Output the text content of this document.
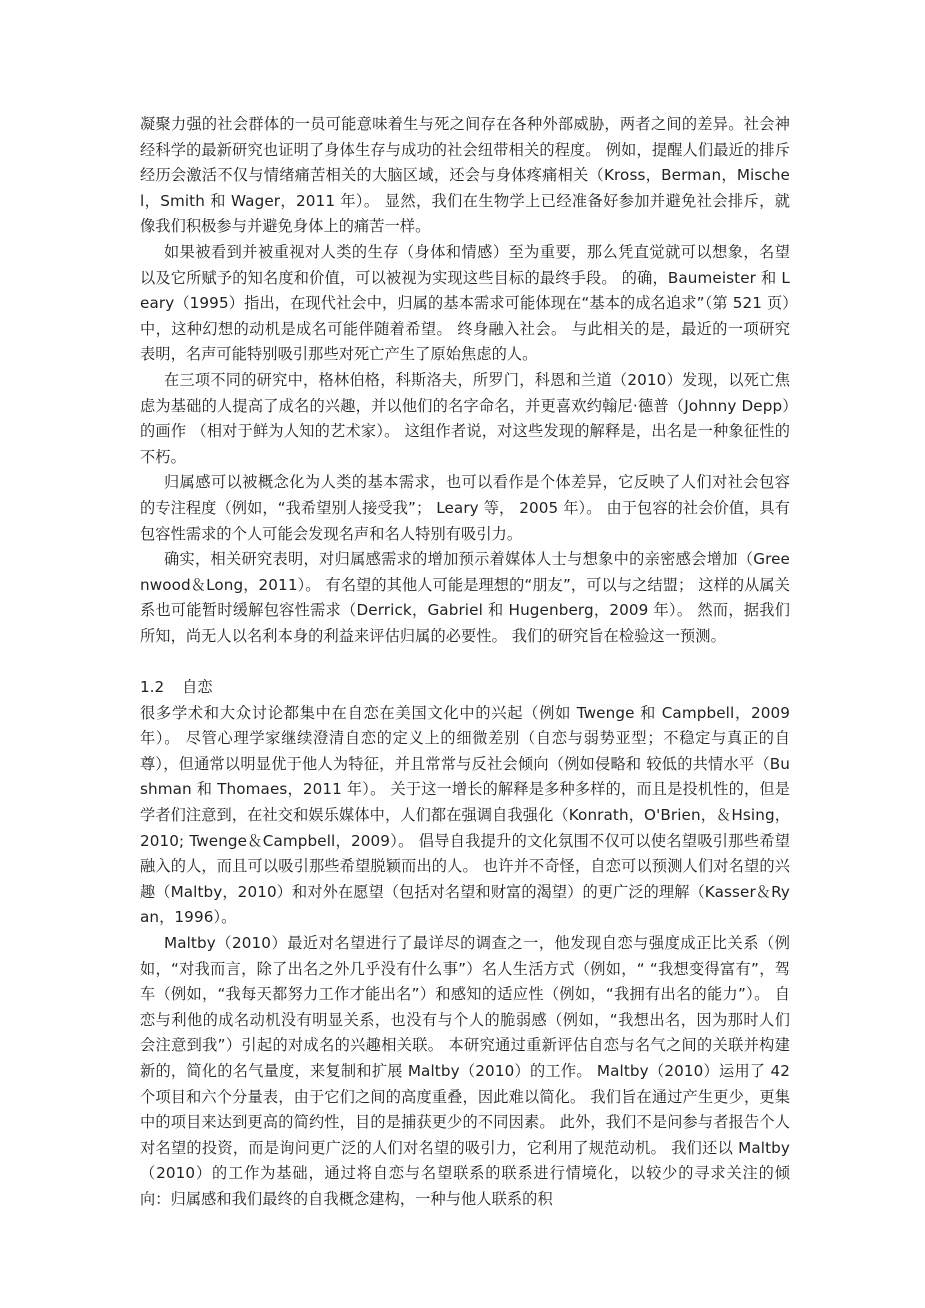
凝聚力强的社会群体的一员可能意味着生与死之间存在各种外部威胁，两者之间的差异。社会神经科学的最新研究也证明了身体生存与成功的社会纽带相关的程度。 例如，提醒人们最近的排斥经历会激活不仅与情绪痛苦相关的大脑区域，还会与身体疼痛相关（Kross，Berman，Mischel，Smith 和 Wager，2011 年）。 显然，我们在生物学上已经准备好参加并避免社会排斥，就像我们积极参与并避免身体上的痛苦一样。

如果被看到并被重视对人类的生存（身体和情感）至为重要，那么凭直觉就可以想象，名望以及它所赋予的知名度和价值，可以被视为实现这些目标的最终手段。 的确，Baumeister 和 Leary（1995）指出，在现代社会中，归属的基本需求可能体现在“基本的成名追求”（第 521 页）中，这种幻想的动机是成名可能伴随着希望。 终身融入社会。 与此相关的是，最近的一项研究表明，名声可能特别吸引那些对死亡产生了原始焦虑的人。

在三项不同的研究中，格林伯格，科斯洛夫，所罗门，科恩和兰道（2010）发现，以死亡焦虑为基础的人提高了成名的兴趣，并以他们的名字命名，并更喜欢约翰尼·德普（Johnny Depp）的画作 （相对于鲜为人知的艺术家）。 这组作者说，对这些发现的解释是，出名是一种象征性的不朽。

归属感可以被概念化为人类的基本需求，也可以看作是个体差异，它反映了人们对社会包容的专注程度（例如，“我希望别人接受我”； Leary 等， 2005 年）。 由于包容的社会价值，具有包容性需求的个人可能会发现名声和名人特别有吸引力。

确实，相关研究表明，对归属感需求的增加预示着媒体人士与想象中的亲密感会增加（Greenwood＆Long，2011）。 有名望的其他人可能是理想的“朋友”，可以与之结盟； 这样的从属关系也可能暂时缓解包容性需求（Derrick，Gabriel 和 Hugenberg，2009 年）。 然而，据我们所知，尚无人以名利本身的利益来评估归属的必要性。 我们的研究旨在检验这一预测。

1.2 自恋

很多学术和大众讨论都集中在自恋在美国文化中的兴起（例如 Twenge 和 Campbell，2009 年）。 尽管心理学家继续澄清自恋的定义上的细微差别（自恋与弱势亚型；不稳定与真正的自尊），但通常以明显优于他人为特征，并且常常与反社会倾向（例如侵略和 较低的共情水平（Bushman 和 Thomaes，2011 年）。 关于这一增长的解释是多种多样的，而且是投机性的，但是学者们注意到，在社交和娱乐媒体中，人们都在强调自我强化（Konrath，O'Brien，＆Hsing，2010; Twenge＆Campbell，2009）。 倡导自我提升的文化氛围不仅可以使名望吸引那些希望融入的人，而且可以吸引那些希望脱颖而出的人。 也许并不奇怪，自恋可以预测人们对名望的兴趣（Maltby，2010）和对外在愿望（包括对名望和财富的渴望）的更广泛的理解（Kasser＆Ryan，1996）。

Maltby（2010）最近对名望进行了最详尽的调查之一，他发现自恋与强度成正比关系（例如，“对我而言，除了出名之外几乎没有什么事”）名人生活方式（例如，“ “我想变得富有”，驾车（例如，“我每天都努力工作才能出名”）和感知的适应性（例如，“我拥有出名的能力”）。 自恋与利他的成名动机没有明显关系，也没有与个人的脆弱感（例如，“我想出名，因为那时人们会注意到我”）引起的对成名的兴趣相关联。 本研究通过重新评估自恋与名气之间的关联并构建新的，简化的名气量度，来复制和扩展 Maltby（2010）的工作。 Maltby（2010）运用了 42 个项目和六个分量表，由于它们之间的高度重叠，因此难以简化。 我们旨在通过产生更少，更集中的项目来达到更高的简约性，目的是捕获更少的不同因素。 此外，我们不是问参与者报告个人对名望的投资，而是询问更广泛的人们对名望的吸引力，它利用了规范动机。 我们还以 Maltby（2010）的工作为基础，通过将自恋与名望联系的联系进行情境化，以较少的寻求关注的倾向：归属感和我们最终的自我概念建构，一种与他人联系的积
